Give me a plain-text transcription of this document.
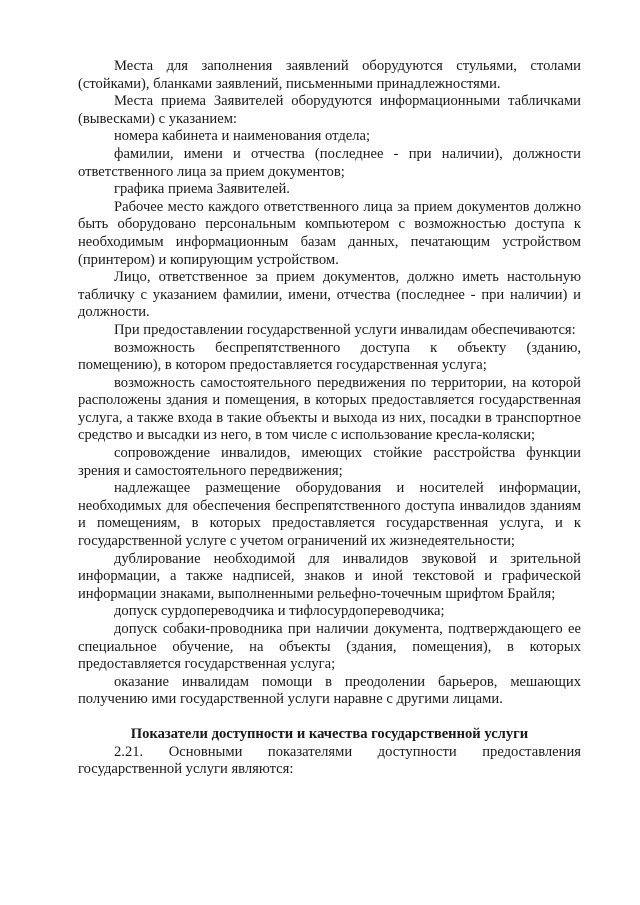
Места для заполнения заявлений оборудуются стульями, столами (стойками), бланками заявлений, письменными принадлежностями.

Места приема Заявителей оборудуются информационными табличками (вывесками) с указанием:

номера кабинета и наименования отдела;

фамилии, имени и отчества (последнее - при наличии), должности ответственного лица за прием документов;

графика приема Заявителей.

Рабочее место каждого ответственного лица за прием документов должно быть оборудовано персональным компьютером с возможностью доступа к необходимым информационным базам данных, печатающим устройством (принтером) и копирующим устройством.

Лицо, ответственное за прием документов, должно иметь настольную табличку с указанием фамилии, имени, отчества (последнее - при наличии) и должности.

При предоставлении государственной услуги инвалидам обеспечиваются:

возможность беспрепятственного доступа к объекту (зданию, помещению), в котором предоставляется государственная услуга;

возможность самостоятельного передвижения по территории, на которой расположены здания и помещения, в которых предоставляется государственная услуга, а также входа в такие объекты и выхода из них, посадки в транспортное средство и высадки из него, в том числе с использование кресла-коляски;

сопровождение инвалидов, имеющих стойкие расстройства функции зрения и самостоятельного передвижения;

надлежащее размещение оборудования и носителей информации, необходимых для обеспечения беспрепятственного доступа инвалидов зданиям и помещениям, в которых предоставляется государственная услуга, и к государственной услуге с учетом ограничений их жизнедеятельности;

дублирование необходимой для инвалидов звуковой и зрительной информации, а также надписей, знаков и иной текстовой и графической информации знаками, выполненными рельефно-точечным шрифтом Брайля;

допуск сурдопереводчика и тифлосурдопереводчика;

допуск собаки-проводника при наличии документа, подтверждающего ее специальное обучение, на объекты (здания, помещения), в которых предоставляется государственная услуга;

оказание инвалидам помощи в преодолении барьеров, мешающих получению ими государственной услуги наравне с другими лицами.

Показатели доступности и качества государственной услуги

2.21. Основными показателями доступности предоставления государственной услуги являются:
